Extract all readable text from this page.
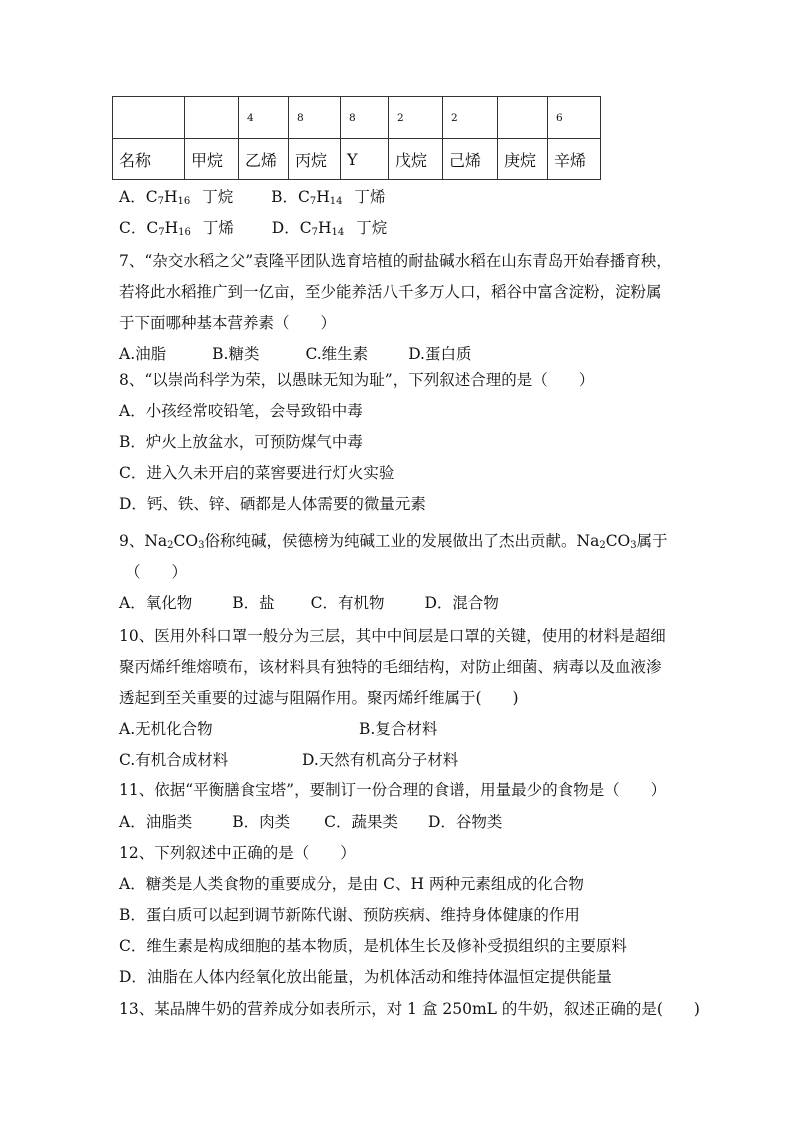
		4	8	8	2	2		6
名称	甲烷	乙烯	丙烷	Y	戊烷	己烯	庚烷	辛烯
A．$C_7H_{16}$ 丁烷 B．$C_7H_{14}$ 丁烯
C．$C_7H_{16}$ 丁烯 D．$C_7H_{14}$ 丁烷
7、“杂交水稻之父”袁隆平团队选育培植的耐盐碱水稻在山东青岛开始春播育秧，
若将此水稻推广到一亿亩，至少能养活八千多万人口，稻谷中富含淀粉，淀粉属
于下面哪种基本营养素（　　）
A.油脂	B.糖类	C.维生素	D.蛋白质
8、“以崇尚科学为荣，以愚昧无知为耻”，下列叙述合理的是（　　）
A．小孩经常咬铅笔，会导致铅中毒
B．炉火上放盆水，可预防煤气中毒
C．进入久未开启的菜窖要进行灯火实验
D．钙、铁、锌、硒都是人体需要的微量元素
9、$Na_2CO_3$俗称纯碱，侯德榜为纯碱工业的发展做出了杰出贡献。$Na_2CO_3$属于
（　　）
A．氧化物	B．盐 C．有机物	D．混合物
10、医用外科口罩一般分为三层，其中中间层是口罩的关键，使用的材料是超细
聚丙烯纤维熔喷布，该材料具有独特的毛细结构，对防止细菌、病毒以及血液渗
透起到至关重要的过滤与阻隔作用。聚丙烯纤维属于(　　)
A.无机化合物	B.复合材料
C.有机合成材料	D.天然有机高分子材料
11、依据“平衡膳食宝塔”，要制订一份合理的食谱，用量最少的食物是（　　）
A．油脂类	B．肉类 C．蔬果类 D．谷物类
12、下列叙述中正确的是（　　）
A．糖类是人类食物的重要成分，是由 C、H 两种元素组成的化合物
B．蛋白质可以起到调节新陈代谢、预防疾病、维持身体健康的作用
C．维生素是构成细胞的基本物质，是机体生长及修补受损组织的主要原料
D．油脂在人体内经氧化放出能量，为机体活动和维持体温恒定提供能量
13、某品牌牛奶的营养成分如表所示，对 1 盒 250mL 的牛奶，叙述正确的是(　　)
